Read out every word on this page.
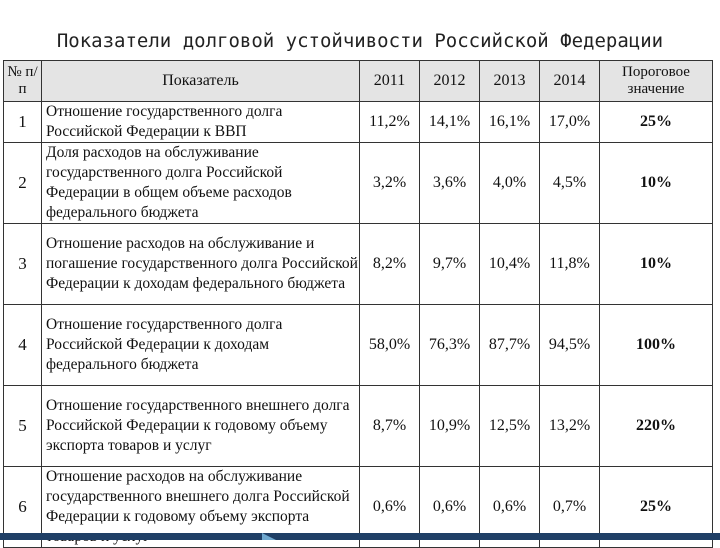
Показатели долговой устойчивости Российской Федерации
№ п/п	Показатель	2011	2012	2013	2014	Пороговое значение
1	Отношение государственного долга Российской Федерации к ВВП	11,2%	14,1%	16,1%	17,0%	25%
2	Доля расходов на обслуживание государственного долга Российской Федерации в общем объеме расходов федерального бюджета	3,2%	3,6%	4,0%	4,5%	10%
3	Отношение расходов на обслуживание и погашение государственного долга Российской Федерации к доходам федерального бюджета	8,2%	9,7%	10,4%	11,8%	10%
4	Отношение государственного долга Российской Федерации к доходам федерального бюджета	58,0%	76,3%	87,7%	94,5%	100%
5	Отношение государственного внешнего долга Российской Федерации к годовому объему экспорта товаров и услуг	8,7%	10,9%	12,5%	13,2%	220%
6	Отношение расходов на обслуживание государственного внешнего долга Российской Федерации к годовому объему экспорта	0,6%	0,6%	0,6%	0,7%	25%
